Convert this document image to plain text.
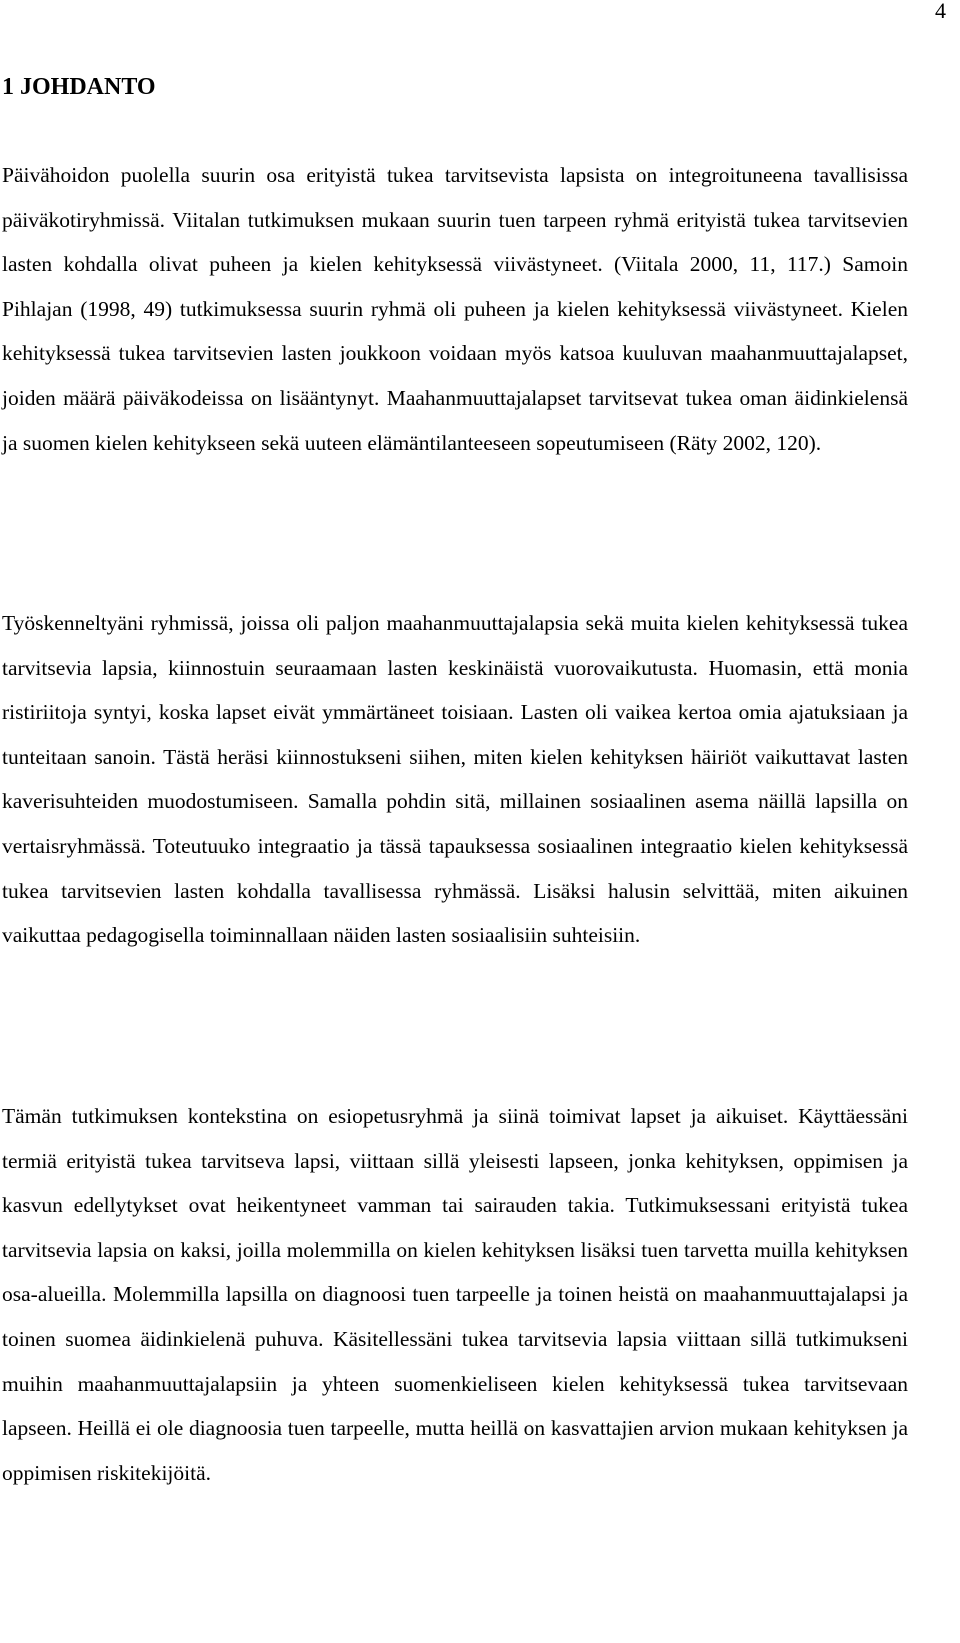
4
1 JOHDANTO

Päivähoidon puolella suurin osa erityistä tukea tarvitsevista lapsista on integroituneena tavallisissa päiväkotiryhmissä. Viitalan tutkimuksen mukaan suurin tuen tarpeen ryhmä erityistä tukea tarvitsevien lasten kohdalla olivat puheen ja kielen kehityksessä viivästyneet. (Viitala 2000, 11, 117.) Samoin Pihlajan (1998, 49) tutkimuksessa suurin ryhmä oli puheen ja kielen kehityksessä viivästyneet. Kielen kehityksessä tukea tarvitsevien lasten joukkoon voidaan myös katsoa kuuluvan maahanmuuttajalapset, joiden määrä päiväkodeissa on lisääntynyt. Maahanmuuttajalapset tarvitsevat tukea oman äidinkielensä ja suomen kielen kehitykseen sekä uuteen elämäntilanteeseen sopeutumiseen (Räty 2002, 120).

Työskenneltyäni ryhmissä, joissa oli paljon maahanmuuttajalapsia sekä muita kielen kehityksessä tukea tarvitsevia lapsia, kiinnostuin seuraamaan lasten keskinäistä vuorovaikutusta. Huomasin, että monia ristiriitoja syntyi, koska lapset eivät ymmärtäneet toisiaan. Lasten oli vaikea kertoa omia ajatuksiaan ja tunteitaan sanoin. Tästä heräsi kiinnostukseni siihen, miten kielen kehityksen häiriöt vaikuttavat lasten kaverisuhteiden muodostumiseen. Samalla pohdin sitä, millainen sosiaalinen asema näillä lapsilla on vertaisryhmässä. Toteutuuko integraatio ja tässä tapauksessa sosiaalinen integraatio kielen kehityksessä tukea tarvitsevien lasten kohdalla tavallisessa ryhmässä. Lisäksi halusin selvittää, miten aikuinen vaikuttaa pedagogisella toiminnallaan näiden lasten sosiaalisiin suhteisiin.

Tämän tutkimuksen kontekstina on esiopetusryhmä ja siinä toimivat lapset ja aikuiset. Käyttäessäni termiä erityistä tukea tarvitseva lapsi, viittaan sillä yleisesti lapseen, jonka kehityksen, oppimisen ja kasvun edellytykset ovat heikentyneet vamman tai sairauden takia. Tutkimuksessani erityistä tukea tarvitsevia lapsia on kaksi, joilla molemmilla on kielen kehityksen lisäksi tuen tarvetta muilla kehityksen osa-alueilla. Molemmilla lapsilla on diagnoosi tuen tarpeelle ja toinen heistä on maahanmuuttajalapsi ja toinen suomea äidinkielenä puhuva. Käsitellessäni tukea tarvitsevia lapsia viittaan sillä tutkimukseni muihin maahanmuuttajalapsiin ja yhteen suomenkieliseen kielen kehityksessä tukea tarvitsevaan lapseen. Heillä ei ole diagnoosia tuen tarpeelle, mutta heillä on kasvattajien arvion mukaan kehityksen ja oppimisen riskitekijöitä.
